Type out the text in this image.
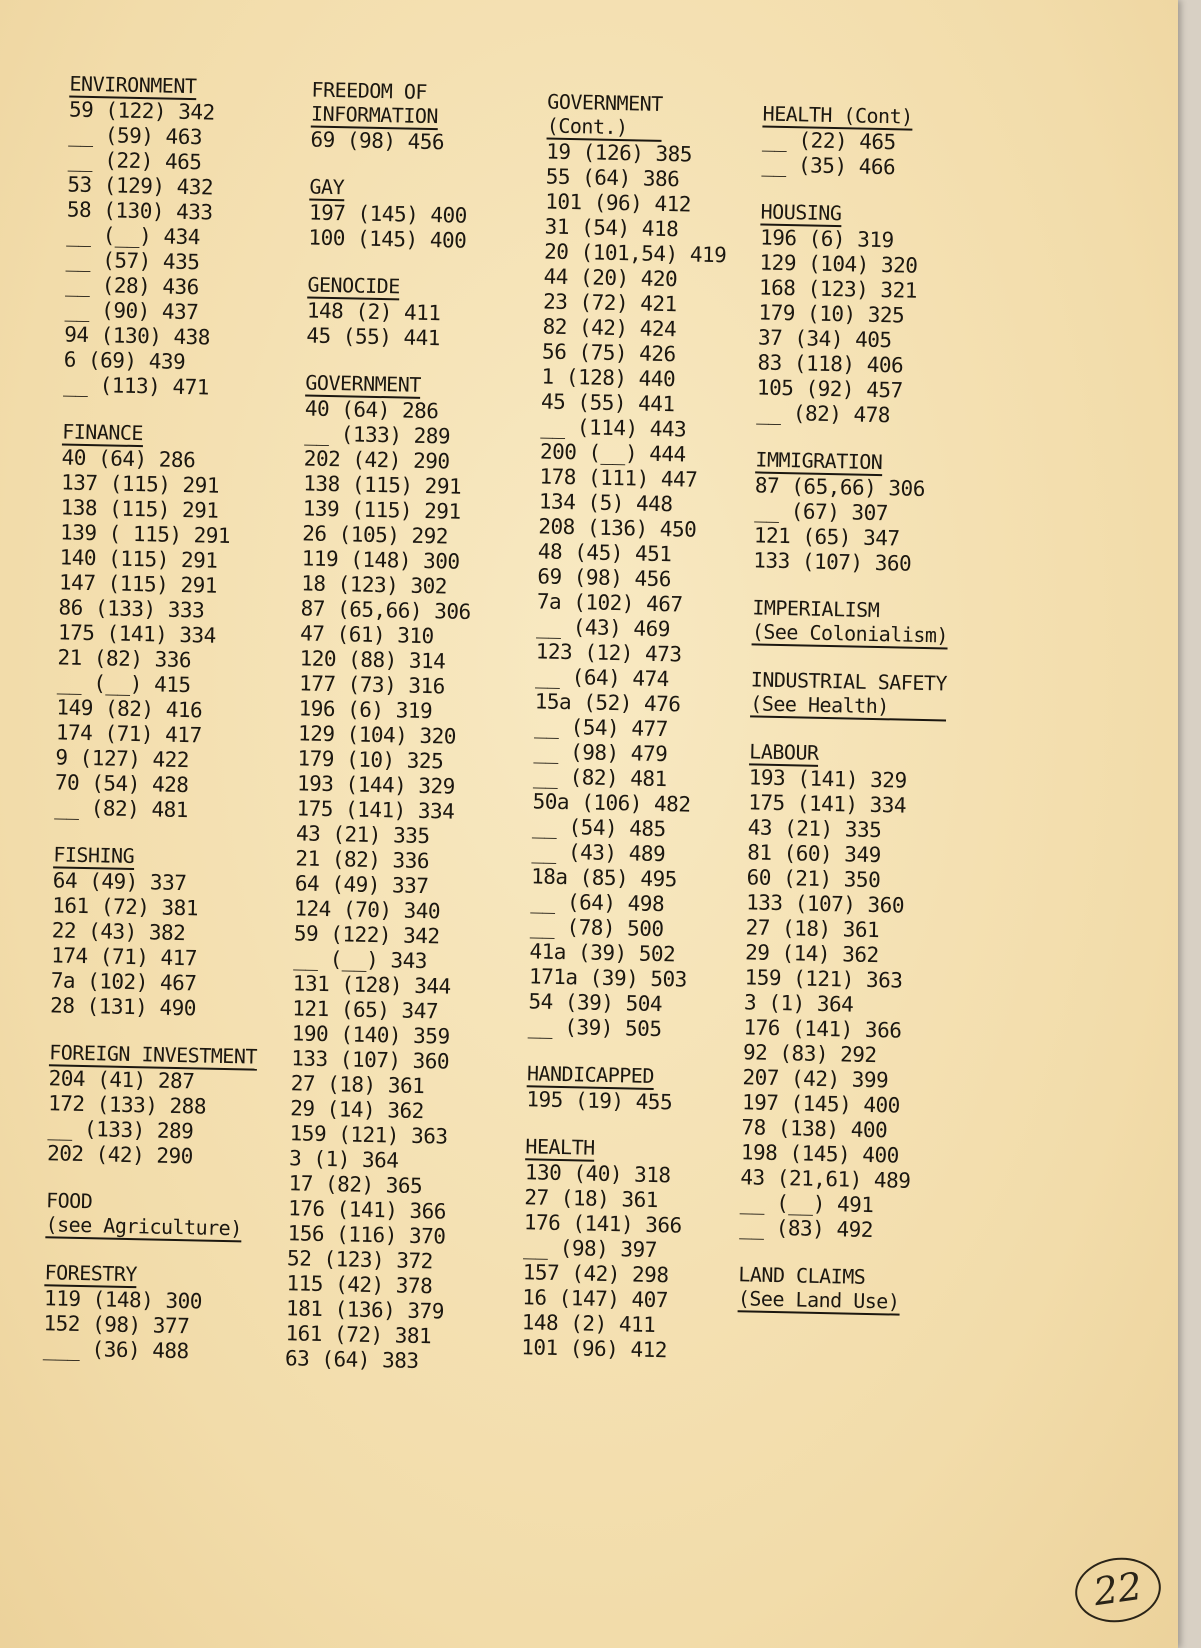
ENVIRONMENT
59 (122) 342
__ (59) 463
__ (22) 465
53 (129) 432
58 (130) 433
__ (__) 434
__ (57) 435
__ (28) 436
__ (90) 437
94 (130) 438
6 (69) 439
__ (113) 471
FINANCE
40 (64) 286
137 (115) 291
138 (115) 291
139 ( 115) 291
140 (115) 291
147 (115) 291
86 (133) 333
175 (141) 334
21 (82) 336
__ (__) 415
149 (82) 416
174 (71) 417
9 (127) 422
70 (54) 428
__ (82) 481
FISHING
64 (49) 337
161 (72) 381
22 (43) 382
174 (71) 417
7a (102) 467
28 (131) 490
FOREIGN INVESTMENT
204 (41) 287
172 (133) 288
__ (133) 289
202 (42) 290
FOOD
(see Agriculture)
FORESTRY
119 (148) 300
152 (98) 377
___ (36) 488
FREEDOM OF
INFORMATION
69 (98) 456
GAY
197 (145) 400
100 (145) 400
GENOCIDE
148 (2) 411
45 (55) 441
GOVERNMENT
40 (64) 286
__ (133) 289
202 (42) 290
138 (115) 291
139 (115) 291
26 (105) 292
119 (148) 300
18 (123) 302
87 (65,66) 306
47 (61) 310
120 (88) 314
177 (73) 316
196 (6) 319
129 (104) 320
179 (10) 325
193 (144) 329
175 (141) 334
43 (21) 335
21 (82) 336
64 (49) 337
124 (70) 340
59 (122) 342
__ (__) 343
131 (128) 344
121 (65) 347
190 (140) 359
133 (107) 360
27 (18) 361
29 (14) 362
159 (121) 363
3 (1) 364
17 (82) 365
176 (141) 366
156 (116) 370
52 (123) 372
115 (42) 378
181 (136) 379
161 (72) 381
63 (64) 383
GOVERNMENT
(Cont.)
19 (126) 385
55 (64) 386
101 (96) 412
31 (54) 418
20 (101,54) 419
44 (20) 420
23 (72) 421
82 (42) 424
56 (75) 426
1 (128) 440
45 (55) 441
__ (114) 443
200 (__) 444
178 (111) 447
134 (5) 448
208 (136) 450
48 (45) 451
69 (98) 456
7a (102) 467
__ (43) 469
123 (12) 473
__ (64) 474
15a (52) 476
__ (54) 477
__ (98) 479
__ (82) 481
50a (106) 482
__ (54) 485
__ (43) 489
18a (85) 495
__ (64) 498
__ (78) 500
41a (39) 502
171a (39) 503
54 (39) 504
__ (39) 505
HANDICAPPED
195 (19) 455
HEALTH
130 (40) 318
27 (18) 361
176 (141) 366
__ (98) 397
157 (42) 298
16 (147) 407
148 (2) 411
101 (96) 412
HEALTH (Cont)
__ (22) 465
__ (35) 466
HOUSING
196 (6) 319
129 (104) 320
168 (123) 321
179 (10) 325
37 (34) 405
83 (118) 406
105 (92) 457
__ (82) 478
IMMIGRATION
87 (65,66) 306
__ (67) 307
121 (65) 347
133 (107) 360
IMPERIALISM
(See Colonialism)
INDUSTRIAL SAFETY
(See Health)
LABOUR
193 (141) 329
175 (141) 334
43 (21) 335
81 (60) 349
60 (21) 350
133 (107) 360
27 (18) 361
29 (14) 362
159 (121) 363
3 (1) 364
176 (141) 366
92 (83) 292
207 (42) 399
197 (145) 400
78 (138) 400
198 (145) 400
43 (21,61) 489
__ (__) 491
__ (83) 492
LAND CLAIMS
(See Land Use)
22
